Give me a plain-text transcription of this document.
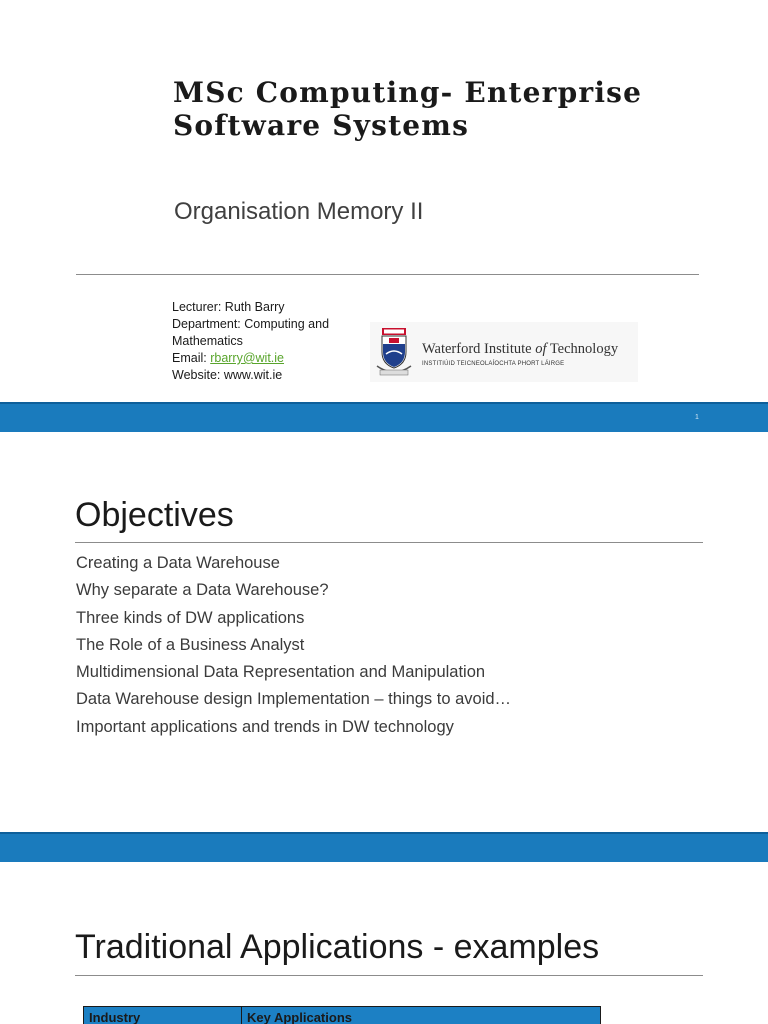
MSc Computing- Enterprise Software Systems
Organisation Memory II
Lecturer: Ruth Barry
Department: Computing and Mathematics
Email: rbarry@wit.ie
Website: www.wit.ie
Waterford Institute of Technology
INSTITIÚID TEICNEOLAÍOCHTA PHORT LÁIRGE
1
Objectives
Creating a Data Warehouse
Why separate a Data Warehouse?
Three kinds of DW applications
The Role of a Business Analyst
Multidimensional Data Representation and Manipulation
Data Warehouse design Implementation – things to avoid…
Important applications and trends in DW technology
Traditional Applications - examples
Industry	Key Applications
